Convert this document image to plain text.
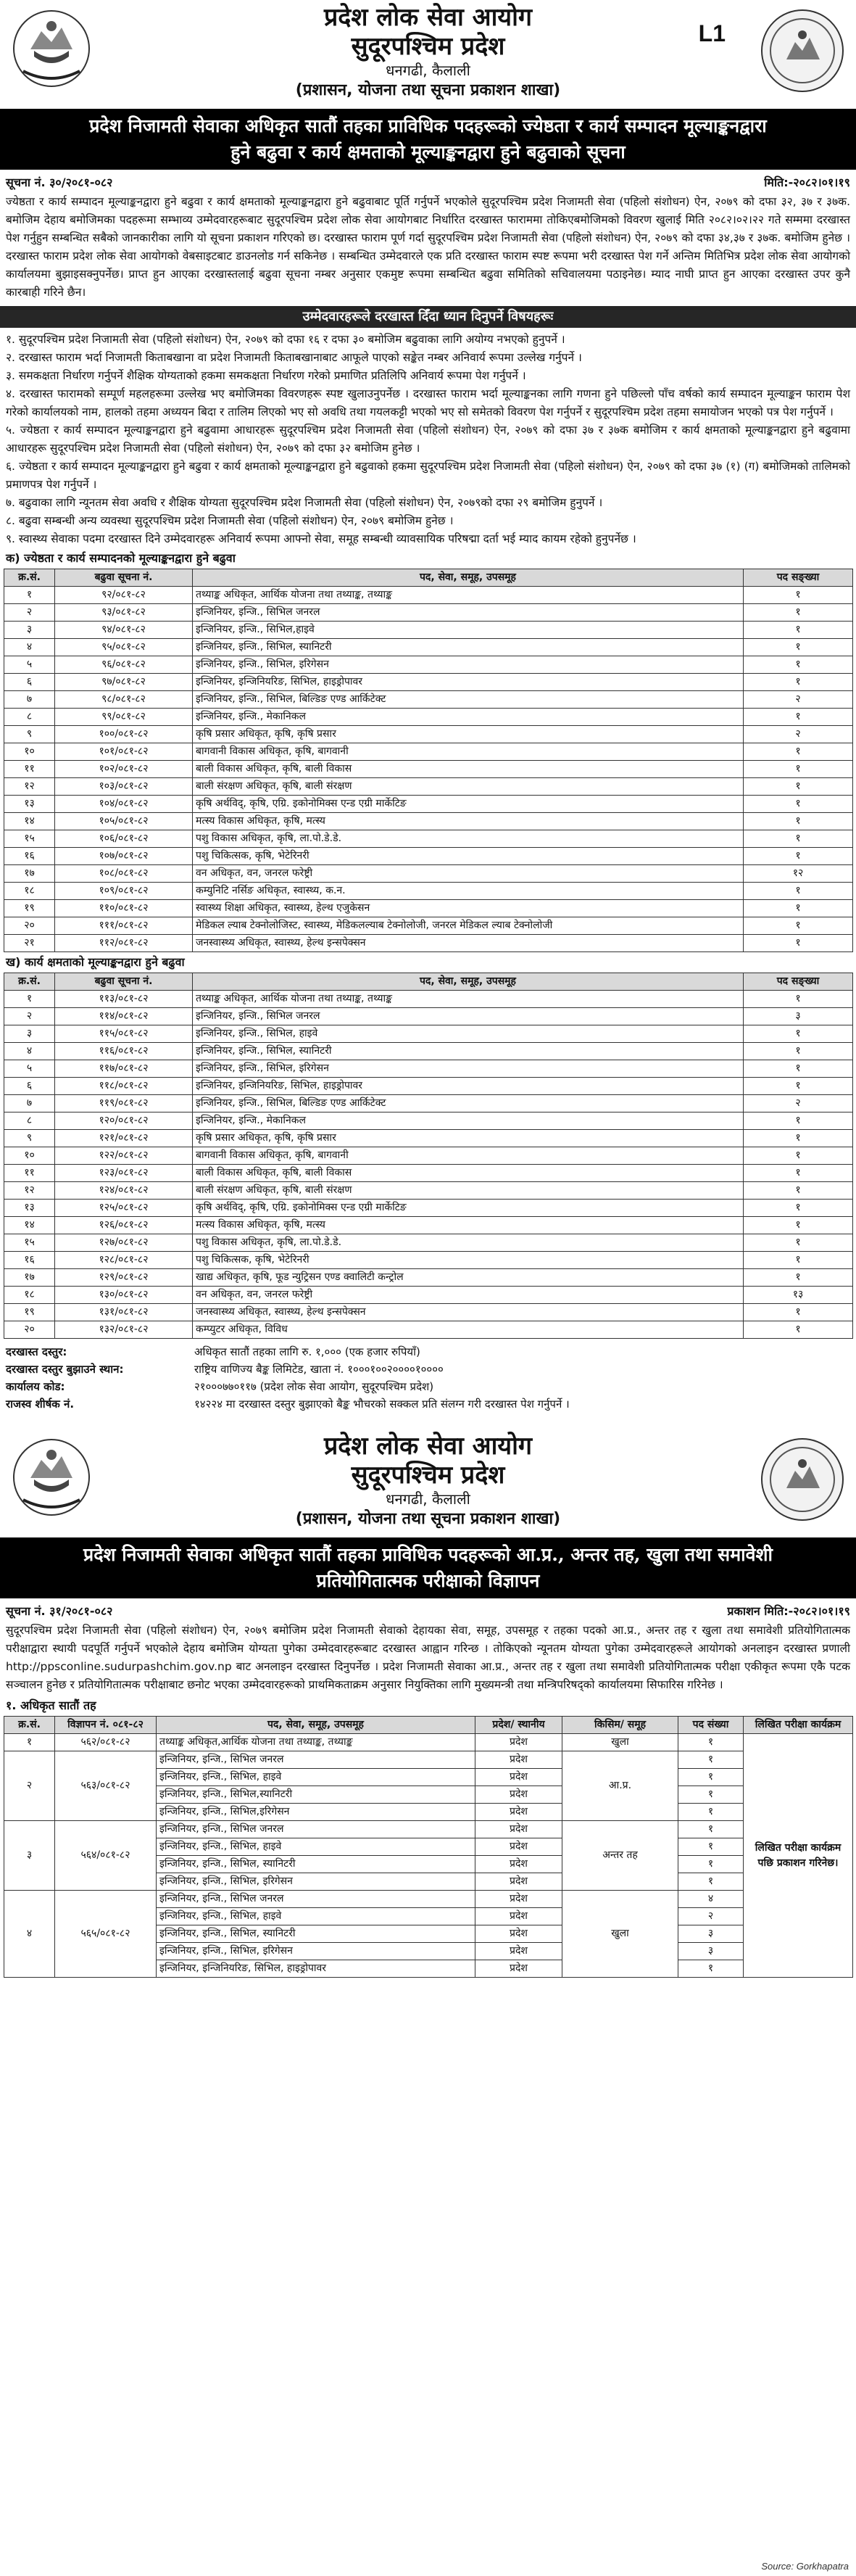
प्रदेश लोक सेवा आयोग
सुदूरपश्चिम प्रदेश
धनगढी, कैलाली
(प्रशासन, योजना तथा सूचना प्रकाशन शाखा)
L1
प्रदेश निजामती सेवाका अधिकृत सातौं तहका प्राविधिक पदहरूको ज्येष्ठता र कार्य सम्पादन मूल्याङ्कनद्वारा
हुने बढुवा र कार्य क्षमताको मूल्याङ्कनद्वारा हुने बढुवाको सूचना
सूचना नं. ३०/२०८१-०८२	मिति:-२०८२।०१।१९
ज्येष्ठता र कार्य सम्पादन मूल्याङ्कनद्वारा हुने बढुवा र कार्य क्षमताको मूल्याङ्कनद्वारा हुने बढुवाबाट पूर्ति गर्नुपर्ने भएकोले सुदूरपश्चिम प्रदेश निजामती सेवा (पहिलो संशोधन) ऐन, २०७९ को दफा ३२, ३७ र ३७क. बमोजिम देहाय बमोजिमका पदहरूमा सम्भाव्य उम्मेदवारहरूबाट सुदूरपश्चिम प्रदेश लोक सेवा आयोगबाट निर्धारित दरखास्त फाराममा तोकिएबमोजिमको विवरण खुलाई मिति २०८२।०२।२२ गते सम्ममा दरखास्त पेश गर्नुहुन सम्बन्धित सबैको जानकारीका लागि यो सूचना प्रकाशन गरिएको छ। दरखास्त फाराम पूर्ण गर्दा सुदूरपश्चिम प्रदेश निजामती सेवा (पहिलो संशोधन) ऐन, २०७९ को दफा ३४,३७ र ३७क. बमोजिम हुनेछ । दरखास्त फाराम प्रदेश लोक सेवा आयोगको वेबसाइटबाट डाउनलोड गर्न सकिनेछ । सम्बन्धित उम्मेदवारले एक प्रति दरखास्त फाराम स्पष्ट रूपमा भरी दरखास्त पेश गर्ने अन्तिम मितिभित्र प्रदेश लोक सेवा आयोगको कार्यालयमा बुझाइसक्नुपर्नेछ। प्राप्त हुन आएका दरखास्तलाई बढुवा सूचना नम्बर अनुसार एकमुष्ट रूपमा सम्बन्धित बढुवा समितिको सचिवालयमा पठाइनेछ। म्याद नाघी प्राप्त हुन आएका दरखास्त उपर कुनै कारबाही गरिने छैन।
उम्मेदवारहरूले दरखास्त दिँदा ध्यान दिनुपर्ने विषयहरूः
१. सुदूरपश्चिम प्रदेश निजामती सेवा (पहिलो संशोधन) ऐन, २०७९ को दफा १६ र दफा ३० बमोजिम बढुवाका लागि अयोग्य नभएको हुनुपर्ने ।
२. दरखास्त फाराम भर्दा निजामती किताबखाना वा प्रदेश निजामती किताबखानाबाट आफूले पाएको सङ्केत नम्बर अनिवार्य रूपमा उल्लेख गर्नुपर्ने ।
३. समकक्षता निर्धारण गर्नुपर्ने शैक्षिक योग्यताको हकमा समकक्षता निर्धारण गरेको प्रमाणित प्रतिलिपि अनिवार्य रूपमा पेश गर्नुपर्ने ।
४. दरखास्त फारामको सम्पूर्ण महलहरूमा उल्लेख भए बमोजिमका विवरणहरू स्पष्ट खुलाउनुपर्नेछ । दरखास्त फाराम भर्दा मूल्याङ्कनका लागि गणना हुने पछिल्लो पाँच वर्षको कार्य सम्पादन मूल्याङ्कन फाराम पेश गरेको कार्यालयको नाम, हालको तहमा अध्ययन बिदा र तालिम लिएको भए सो अवधि तथा गयलकट्टी भएको भए सो समेतको विवरण पेश गर्नुपर्ने र सुदूरपश्चिम प्रदेश तहमा समायोजन भएको पत्र पेश गर्नुपर्ने ।
५. ज्येष्ठता र कार्य सम्पादन मूल्याङ्कनद्वारा हुने बढुवामा आधारहरू सुदूरपश्चिम प्रदेश निजामती सेवा (पहिलो संशोधन) ऐन, २०७९ को दफा ३७ र ३७क बमोजिम र कार्य क्षमताको मूल्याङ्कनद्वारा हुने बढुवामा आधारहरू सुदूरपश्चिम प्रदेश निजामती सेवा (पहिलो संशोधन) ऐन, २०७९ को दफा ३२ बमोजिम हुनेछ ।
६. ज्येष्ठता र कार्य सम्पादन मूल्याङ्कनद्वारा हुने बढुवा र कार्य क्षमताको मूल्याङ्कनद्वारा हुने बढुवाको हकमा सुदूरपश्चिम प्रदेश निजामती सेवा (पहिलो संशोधन) ऐन, २०७९ को दफा ३७ (१) (ग) बमोजिमको तालिमको प्रमाणपत्र पेश गर्नुपर्ने ।
७. बढुवाका लागि न्यूनतम सेवा अवधि र शैक्षिक योग्यता सुदूरपश्चिम प्रदेश निजामती सेवा (पहिलो संशोधन) ऐन, २०७९को दफा २९ बमोजिम हुनुपर्ने ।
८. बढुवा सम्बन्धी अन्य व्यवस्था सुदूरपश्चिम प्रदेश निजामती सेवा (पहिलो संशोधन) ऐन, २०७९ बमोजिम हुनेछ ।
९. स्वास्थ्य सेवाका पदमा दरखास्त दिने उम्मेदवारहरू अनिवार्य रूपमा आफ्नो सेवा, समूह सम्बन्धी व्यावसायिक परिषद्मा दर्ता भई म्याद कायम रहेको हुनुपर्नेछ ।
क) ज्येष्ठता र कार्य सम्पादनको मूल्याङ्कनद्वारा हुने बढुवा
क्र.सं.	बढुवा सूचना नं.	पद, सेवा, समूह, उपसमूह	पद सङ्ख्या
१	९२/०८१-८२	तथ्याङ्क अधिकृत, आर्थिक योजना तथा तथ्याङ्क, तथ्याङ्क	१
२	९३/०८१-८२	इन्जिनियर, इन्जि., सिभिल जनरल	१
३	९४/०८१-८२	इन्जिनियर, इन्जि., सिभिल,हाइवे	१
४	९५/०८१-८२	इन्जिनियर, इन्जि., सिभिल, स्यानिटरी	१
५	९६/०८१-८२	इन्जिनियर, इन्जि., सिभिल, इरिगेसन	१
६	९७/०८१-८२	इन्जिनियर, इन्जिनियरिङ, सिभिल, हाइड्रोपावर	१
७	९८/०८१-८२	इन्जिनियर, इन्जि., सिभिल, बिल्डिङ एण्ड आर्किटेक्ट	२
८	९९/०८१-८२	इन्जिनियर, इन्जि., मेकानिकल	१
९	१००/०८१-८२	कृषि प्रसार अधिकृत, कृषि, कृषि प्रसार	२
१०	१०१/०८१-८२	बागवानी विकास अधिकृत, कृषि, बागवानी	१
११	१०२/०८१-८२	बाली विकास अधिकृत, कृषि, बाली विकास	१
१२	१०३/०८१-८२	बाली संरक्षण अधिकृत, कृषि, बाली संरक्षण	१
१३	१०४/०८१-८२	कृषि अर्थविद्, कृषि, एग्रि. इकोनोमिक्स एन्ड एग्री मार्केटिङ	१
१४	१०५/०८१-८२	मत्स्य विकास अधिकृत, कृषि, मत्स्य	१
१५	१०६/०८१-८२	पशु विकास अधिकृत, कृषि, ला.पो.डे.डे.	१
१६	१०७/०८१-८२	पशु चिकित्सक, कृषि, भेटेरिनरी	१
१७	१०८/०८१-८२	वन अधिकृत, वन, जनरल फरेष्ट्री	१२
१८	१०९/०८१-८२	कम्युनिटि नर्सिङ अधिकृत, स्वास्थ्य, क.न.	१
१९	११०/०८१-८२	स्वास्थ्य शिक्षा अधिकृत, स्वास्थ्य, हेल्थ एजुकेसन	१
२०	१११/०८१-८२	मेडिकल ल्याब टेक्नोलोजिस्ट, स्वास्थ्य, मेडिकलल्याब टेक्नोलोजी, जनरल मेडिकल ल्याब टेक्नोलोजी	१
२१	११२/०८१-८२	जनस्वास्थ्य अधिकृत, स्वास्थ्य, हेल्थ इन्सपेक्सन	१
ख) कार्य क्षमताको मूल्याङ्कनद्वारा हुने बढुवा
क्र.सं.	बढुवा सूचना नं.	पद, सेवा, समूह, उपसमूह	पद सङ्ख्या
१	११३/०८१-८२	तथ्याङ्क अधिकृत, आर्थिक योजना तथा तथ्याङ्क, तथ्याङ्क	१
२	११४/०८१-८२	इन्जिनियर, इन्जि., सिभिल जनरल	३
३	११५/०८१-८२	इन्जिनियर, इन्जि., सिभिल, हाइवे	१
४	११६/०८१-८२	इन्जिनियर, इन्जि., सिभिल, स्यानिटरी	१
५	११७/०८१-८२	इन्जिनियर, इन्जि., सिभिल, इरिगेसन	१
६	११८/०८१-८२	इन्जिनियर, इन्जिनियरिङ, सिभिल, हाइड्रोपावर	१
७	११९/०८१-८२	इन्जिनियर, इन्जि., सिभिल, बिल्डिङ एण्ड आर्किटेक्ट	२
८	१२०/०८१-८२	इन्जिनियर, इन्जि., मेकानिकल	१
९	१२१/०८१-८२	कृषि प्रसार अधिकृत, कृषि, कृषि प्रसार	१
१०	१२२/०८१-८२	बागवानी विकास अधिकृत, कृषि, बागवानी	१
११	१२३/०८१-८२	बाली विकास अधिकृत, कृषि, बाली विकास	१
१२	१२४/०८१-८२	बाली संरक्षण अधिकृत, कृषि, बाली संरक्षण	१
१३	१२५/०८१-८२	कृषि अर्थविद्, कृषि, एग्रि. इकोनोमिक्स एन्ड एग्री मार्केटिङ	१
१४	१२६/०८१-८२	मत्स्य विकास अधिकृत, कृषि, मत्स्य	१
१५	१२७/०८१-८२	पशु विकास अधिकृत, कृषि, ला.पो.डे.डे.	१
१६	१२८/०८१-८२	पशु चिकित्सक, कृषि, भेटेरिनरी	१
१७	१२९/०८१-८२	खाद्य अधिकृत, कृषि, फूड न्युट्रिसन एण्ड क्वालिटी कन्ट्रोल	१
१८	१३०/०८१-८२	वन अधिकृत, वन, जनरल फरेष्ट्री	१३
१९	१३१/०८१-८२	जनस्वास्थ्य अधिकृत, स्वास्थ्य, हेल्थ इन्सपेक्सन	१
२०	१३२/०८१-८२	कम्प्युटर अधिकृत, विविध	१
दरखास्त दस्तुर:	अधिकृत सातौं तहका लागि रु. १,००० (एक हजार रुपियाँ)
दरखास्त दस्तुर बुझाउने स्थान:	राष्ट्रिय वाणिज्य बैङ्क लिमिटेड, खाता नं. १०००१००२००००१००००
कार्यालय कोड:	२१०००७७०११७ (प्रदेश लोक सेवा आयोग, सुदूरपश्चिम प्रदेश)
राजस्व शीर्षक नं.	१४२२४ मा दरखास्त दस्तुर बुझाएको बैङ्क भौचरको सक्कल प्रति संलग्न गरी दरखास्त पेश गर्नुपर्ने ।
प्रदेश लोक सेवा आयोग
सुदूरपश्चिम प्रदेश
धनगढी, कैलाली
(प्रशासन, योजना तथा सूचना प्रकाशन शाखा)
प्रदेश निजामती सेवाका अधिकृत सातौं तहका प्राविधिक पदहरूको आ.प्र., अन्तर तह, खुला तथा समावेशी
प्रतियोगितात्मक परीक्षाको विज्ञापन
सूचना नं. ३१/२०८१-०८२	प्रकाशन मिति:-२०८२।०१।१९
सुदूरपश्चिम प्रदेश निजामती सेवा (पहिलो संशोधन) ऐन, २०७९ बमोजिम प्रदेश निजामती सेवाको देहायका सेवा, समूह, उपसमूह र तहका पदको आ.प्र., अन्तर तह र खुला तथा समावेशी प्रतियोगितात्मक परीक्षाद्वारा स्थायी पदपूर्ति गर्नुपर्ने भएकोले देहाय बमोजिम योग्यता पुगेका उम्मेदवारहरूबाट दरखास्त आह्वान गरिन्छ । तोकिएको न्यूनतम योग्यता पुगेका उम्मेदवारहरूले आयोगको अनलाइन दरखास्त प्रणाली http://ppsconline.sudurpashchim.gov.np बाट अनलाइन दरखास्त दिनुपर्नेछ । प्रदेश निजामती सेवाका आ.प्र., अन्तर तह र खुला तथा समावेशी प्रतियोगितात्मक परीक्षा एकीकृत रूपमा एकै पटक सञ्चालन हुनेछ र प्रतियोगितात्मक परीक्षाबाट छनोट भएका उम्मेदवारहरूको प्राथमिकताक्रम अनुसार नियुक्तिका लागि मुख्यमन्त्री तथा मन्त्रिपरिषद्को कार्यालयमा सिफारिस गरिनेछ ।
१. अधिकृत सातौं तह
क्र.सं.	विज्ञापन नं. ०८१-८२	पद, सेवा, समूह, उपसमूह	प्रदेश/ स्थानीय	किसिम/ समूह	पद संख्या	लिखित परीक्षा कार्यक्रम
१	५६२/०८१-८२	तथ्याङ्क अधिकृत,आर्थिक योजना तथा तथ्याङ्क, तथ्याङ्क	प्रदेश	खुला	१	लिखित परीक्षा कार्यक्रम पछि प्रकाशन गरिनेछ।
२	५६३/०८१-८२	इन्जिनियर, इन्जि., सिभिल जनरल	प्रदेश	आ.प्र.	१	
		इन्जिनियर, इन्जि., सिभिल, हाइवे	प्रदेश		१	
		इन्जिनियर, इन्जि., सिभिल,स्यानिटरी	प्रदेश		१	
		इन्जिनियर, इन्जि., सिभिल,इरिगेसन	प्रदेश		१	
३	५६४/०८१-८२	इन्जिनियर, इन्जि., सिभिल जनरल	प्रदेश	अन्तर तह	१	
		इन्जिनियर, इन्जि., सिभिल, हाइवे	प्रदेश		१	
		इन्जिनियर, इन्जि., सिभिल, स्यानिटरी	प्रदेश		१	
		इन्जिनियर, इन्जि., सिभिल, इरिगेसन	प्रदेश		१	
४	५६५/०८१-८२	इन्जिनियर, इन्जि., सिभिल जनरल	प्रदेश	खुला	४	
		इन्जिनियर, इन्जि., सिभिल, हाइवे	प्रदेश		२	
		इन्जिनियर, इन्जि., सिभिल, स्यानिटरी	प्रदेश		३	
		इन्जिनियर, इन्जि., सिभिल, इरिगेसन	प्रदेश		३	
		इन्जिनियर, इन्जिनियरिङ, सिभिल, हाइड्रोपावर	प्रदेश		१	
Source: Gorkhapatra
